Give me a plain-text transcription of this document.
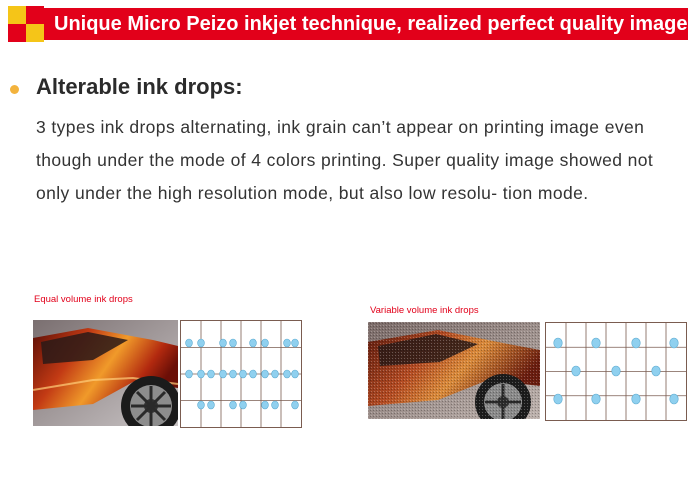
Unique Micro Peizo inkjet technique, realized perfect quality image
Alterable ink drops:

3 types ink drops alternating, ink grain can’t appear on printing image even though under the mode of 4 colors printing. Super quality image showed not only under the high resolution mode, but also low resolu- tion mode.

Equal volume ink drops
Variable volume ink drops
